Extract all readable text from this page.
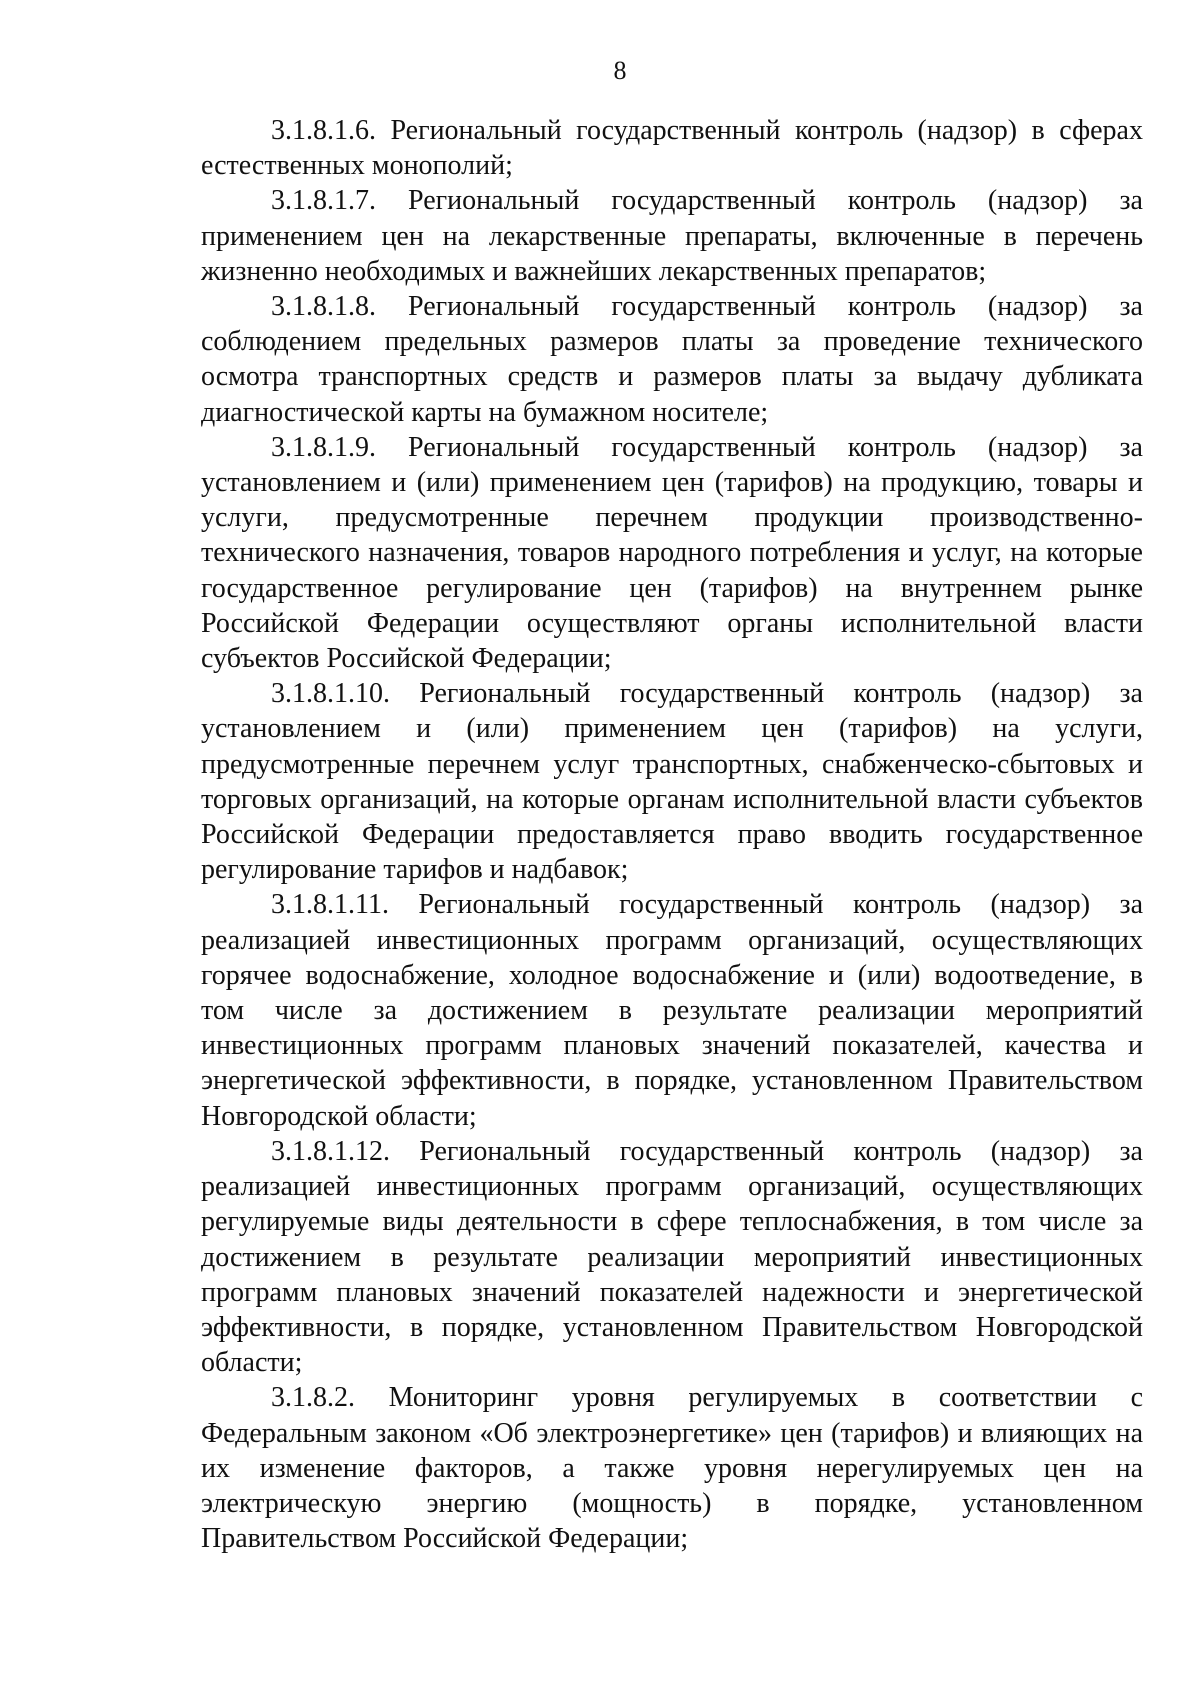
8

3.1.8.1.6. Региональный государственный контроль (надзор) в сферах естественных монополий;

3.1.8.1.7. Региональный государственный контроль (надзор) за применением цен на лекарственные препараты, включенные в перечень жизненно необходимых и важнейших лекарственных препаратов;

3.1.8.1.8. Региональный государственный контроль (надзор) за соблюдением предельных размеров платы за проведение технического осмотра транспортных средств и размеров платы за выдачу дубликата диагностической карты на бумажном носителе;

3.1.8.1.9. Региональный государственный контроль (надзор) за установлением и (или) применением цен (тарифов) на продукцию, товары и услуги, предусмотренные перечнем продукции производственно-технического назначения, товаров народного потребления и услуг, на которые государственное регулирование цен (тарифов) на внутреннем рынке Российской Федерации осуществляют органы исполнительной власти субъектов Российской Федерации;

3.1.8.1.10. Региональный государственный контроль (надзор) за установлением и (или) применением цен (тарифов) на услуги, предусмотренные перечнем услуг транспортных, снабженческо-сбытовых и торговых организаций, на которые органам исполнительной власти субъектов Российской Федерации предоставляется право вводить государственное регулирование тарифов и надбавок;

3.1.8.1.11. Региональный государственный контроль (надзор) за реализацией инвестиционных программ организаций, осуществляющих горячее водоснабжение, холодное водоснабжение и (или) водоотведение, в том числе за достижением в результате реализации мероприятий инвестиционных программ плановых значений показателей, качества и энергетической эффективности, в порядке, установленном Правительством Новгородской области;

3.1.8.1.12. Региональный государственный контроль (надзор) за реализацией инвестиционных программ организаций, осуществляющих регулируемые виды деятельности в сфере теплоснабжения, в том числе за достижением в результате реализации мероприятий инвестиционных программ плановых значений показателей надежности и энергетической эффективности, в порядке, установленном Правительством Новгородской области;

3.1.8.2. Мониторинг уровня регулируемых в соответствии с Федеральным законом «Об электроэнергетике» цен (тарифов) и влияющих на их изменение факторов, а также уровня нерегулируемых цен на электрическую энергию (мощность) в порядке, установленном Правительством Российской Федерации;
